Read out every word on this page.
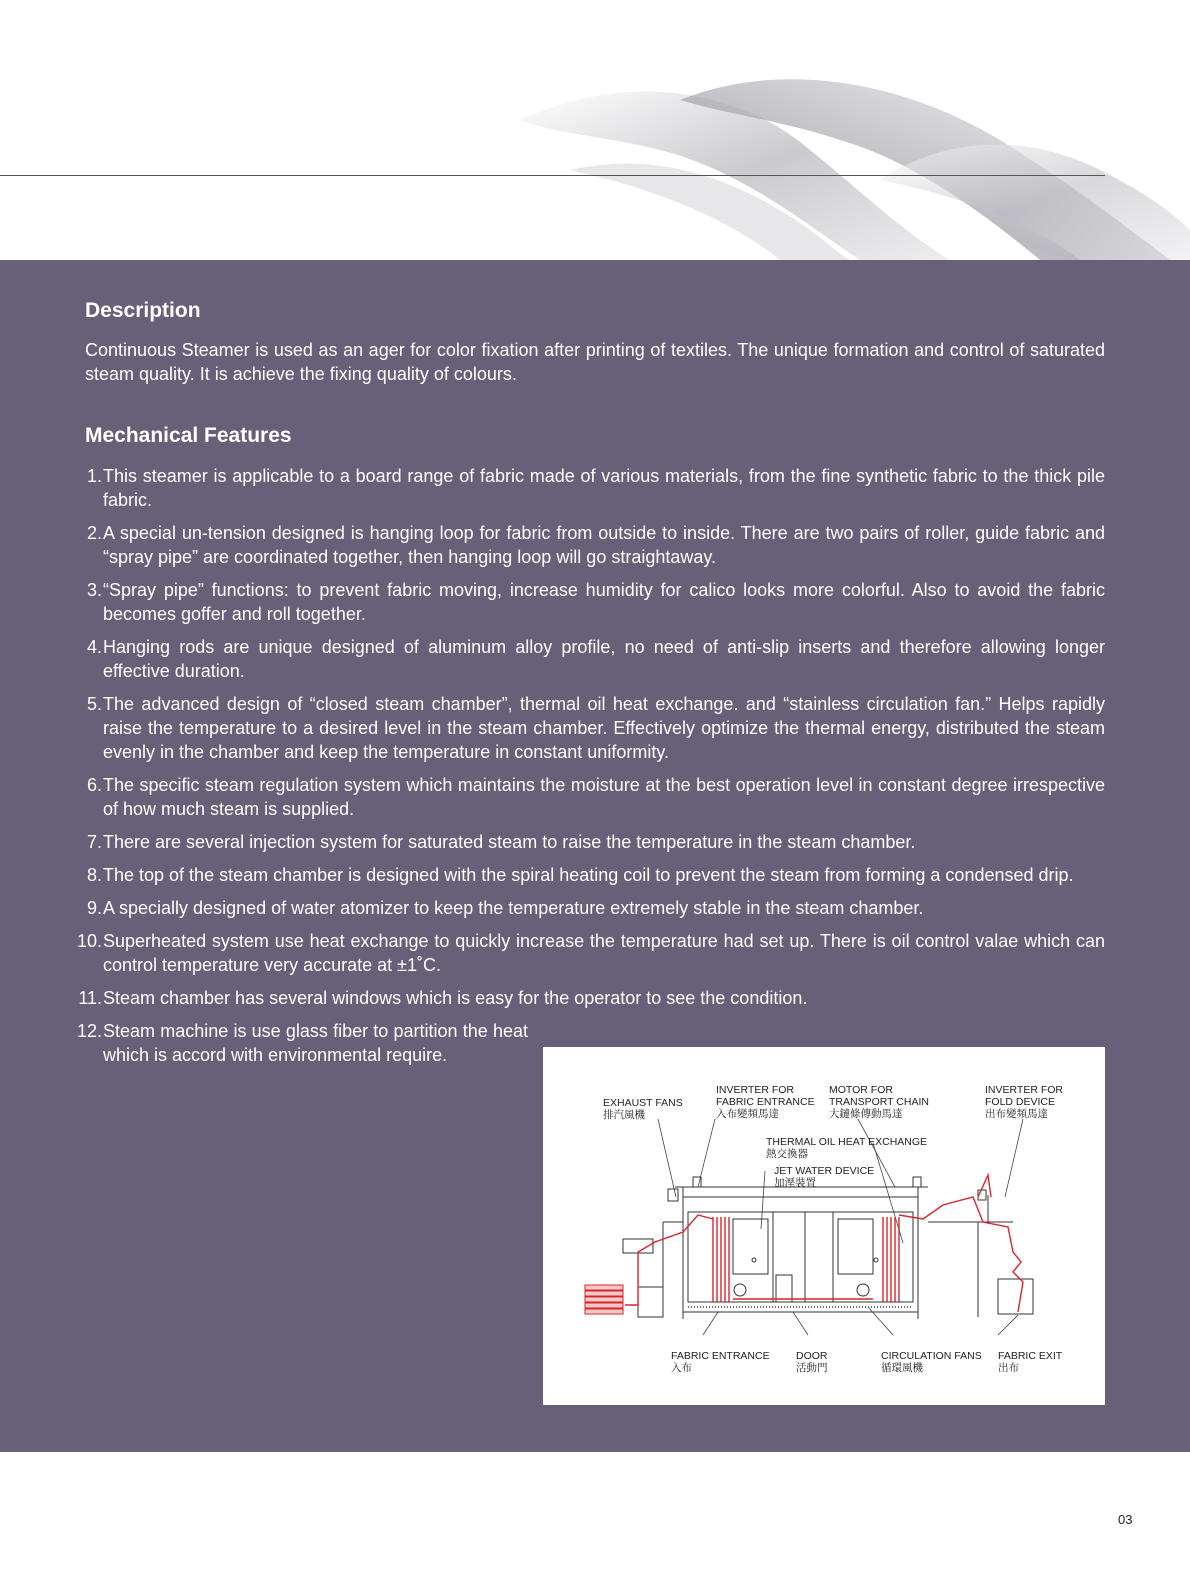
Description

Continuous Steamer is used as an ager for color fixation after printing of textiles. The unique formation and control of saturated steam quality. It is achieve the fixing quality of colours.

Mechanical Features
1. This steamer is applicable to a board range of fabric made of various materials, from the fine synthetic fabric to the thick pile fabric.
2. A special un-tension designed is hanging loop for fabric from outside to inside. There are two pairs of roller, guide fabric and “spray pipe” are coordinated together, then hanging loop will go straightaway.
3. “Spray pipe” functions: to prevent fabric moving, increase humidity for calico looks more colorful. Also to avoid the fabric becomes goffer and roll together.
4. Hanging rods are unique designed of aluminum alloy profile, no need of anti-slip inserts and therefore allowing longer effective duration.
5. The advanced design of “closed steam chamber”, thermal oil heat exchange. and “stainless circulation fan.” Helps rapidly raise the temperature to a desired level in the steam chamber. Effectively optimize the thermal energy, distributed the steam evenly in the chamber and keep the temperature in constant uniformity.
6. The specific steam regulation system which maintains the moisture at the best operation level in constant degree irrespective of how much steam is supplied.
7. There are several injection system for saturated steam to raise the temperature in the steam chamber.
8. The top of the steam chamber is designed with the spiral heating coil to prevent the steam from forming a condensed drip.
9. A specially designed of water atomizer to keep the temperature extremely stable in the steam chamber.
10. Superheated system use heat exchange to quickly increase the temperature had set up. There is oil control valae which can control temperature very accurate at ±1˚C.
11. Steam chamber has several windows which is easy for the operator to see the condition.
12. Steam machine is use glass fiber to partition the heat which is accord with environmental require.
EXHAUST FANS
排汽風機
INVERTER FOR
FABRIC ENTRANCE
入布變頻馬達
MOTOR FOR
TRANSPORT CHAIN
大鏈條傳動馬達
INVERTER FOR
FOLD DEVICE
出布變頻馬達
THERMAL OIL HEAT EXCHANGE
熱交換器
JET WATER DEVICE
加溼裝置
FABRIC ENTRANCE
入布
DOOR
活動門
CIRCULATION FANS
循環風機
FABRIC EXIT
出布
03
